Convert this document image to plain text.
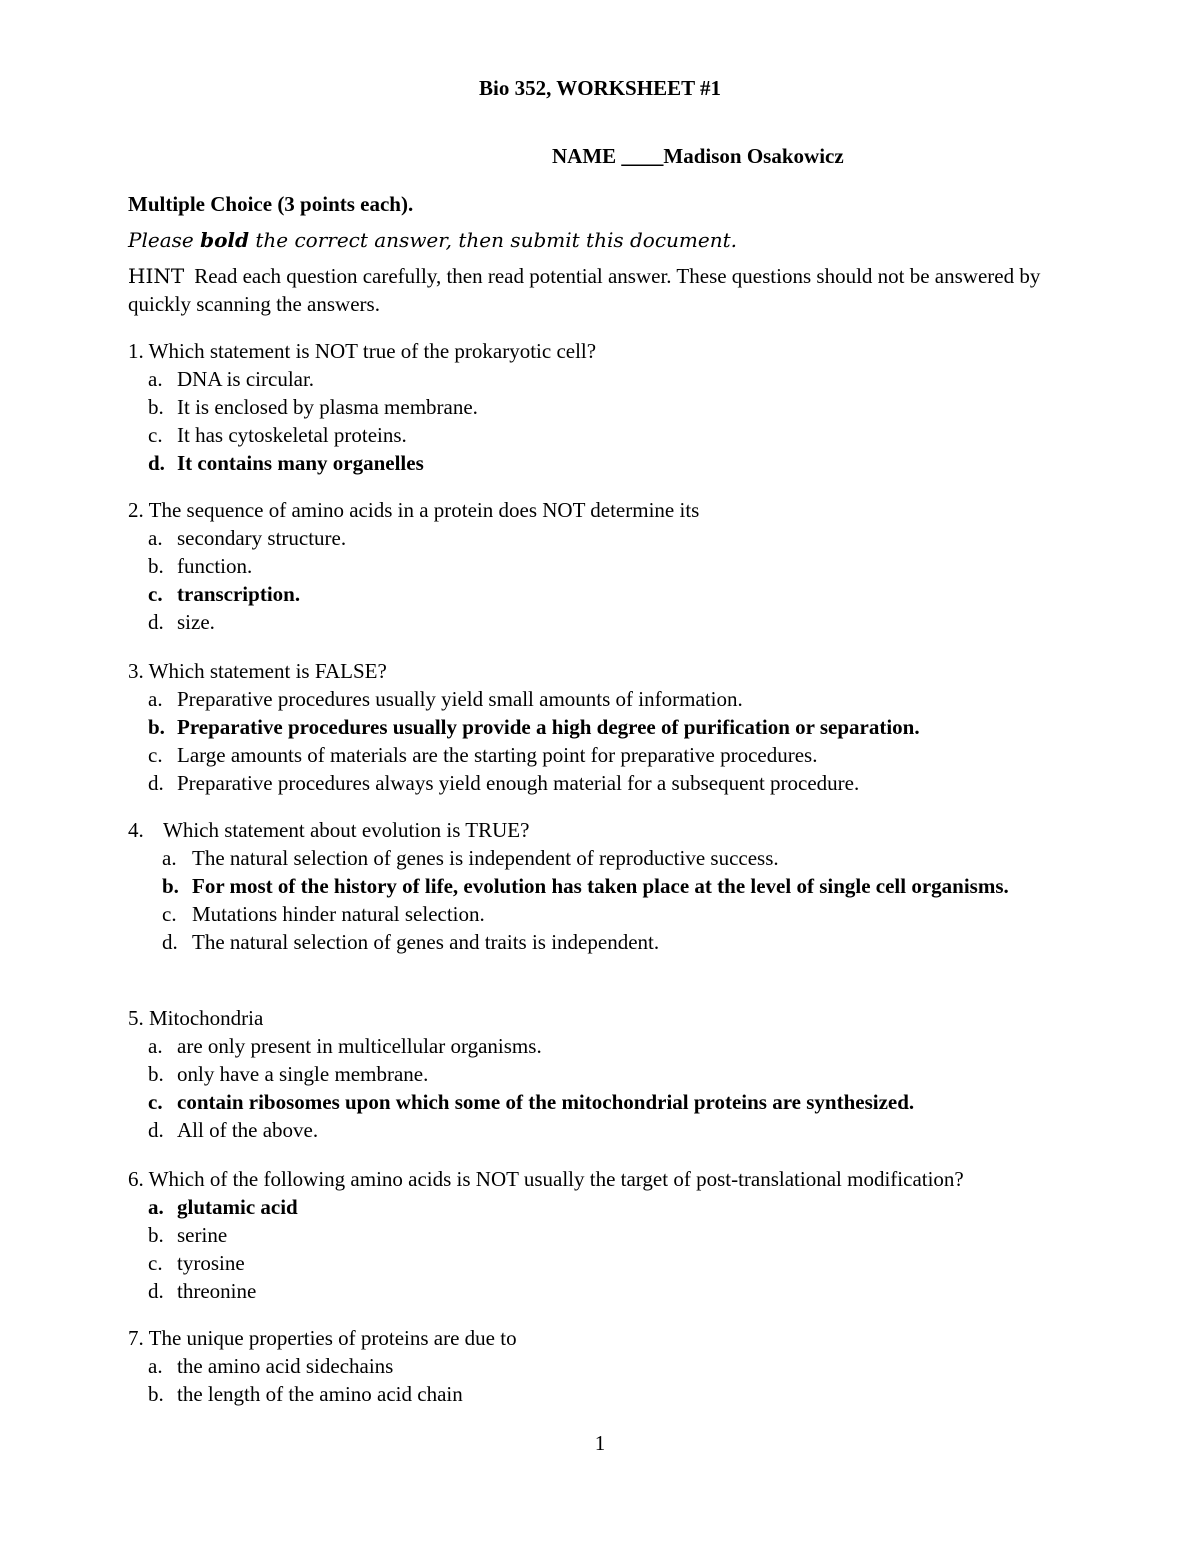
Bio 352, WORKSHEET #1
NAME ____Madison Osakowicz
Multiple Choice (3 points each).
Please bold the correct answer, then submit this document.
HINT Read each question carefully, then read potential answer. These questions should not be answered by quickly scanning the answers.
1. Which statement is NOT true of the prokaryotic cell?
a. DNA is circular.
b. It is enclosed by plasma membrane.
c. It has cytoskeletal proteins.
d. It contains many organelles
2. The sequence of amino acids in a protein does NOT determine its
a. secondary structure.
b. function.
c. transcription.
d. size.
3. Which statement is FALSE?
a. Preparative procedures usually yield small amounts of information.
b. Preparative procedures usually provide a high degree of purification or separation.
c. Large amounts of materials are the starting point for preparative procedures.
d. Preparative procedures always yield enough material for a subsequent procedure.
4. Which statement about evolution is TRUE?
a. The natural selection of genes is independent of reproductive success.
b. For most of the history of life, evolution has taken place at the level of single cell organisms.
c. Mutations hinder natural selection.
d. The natural selection of genes and traits is independent.
5. Mitochondria
a. are only present in multicellular organisms.
b. only have a single membrane.
c. contain ribosomes upon which some of the mitochondrial proteins are synthesized.
d. All of the above.
6. Which of the following amino acids is NOT usually the target of post-translational modification?
a. glutamic acid
b. serine
c. tyrosine
d. threonine
7. The unique properties of proteins are due to
a. the amino acid sidechains
b. the length of the amino acid chain
1
